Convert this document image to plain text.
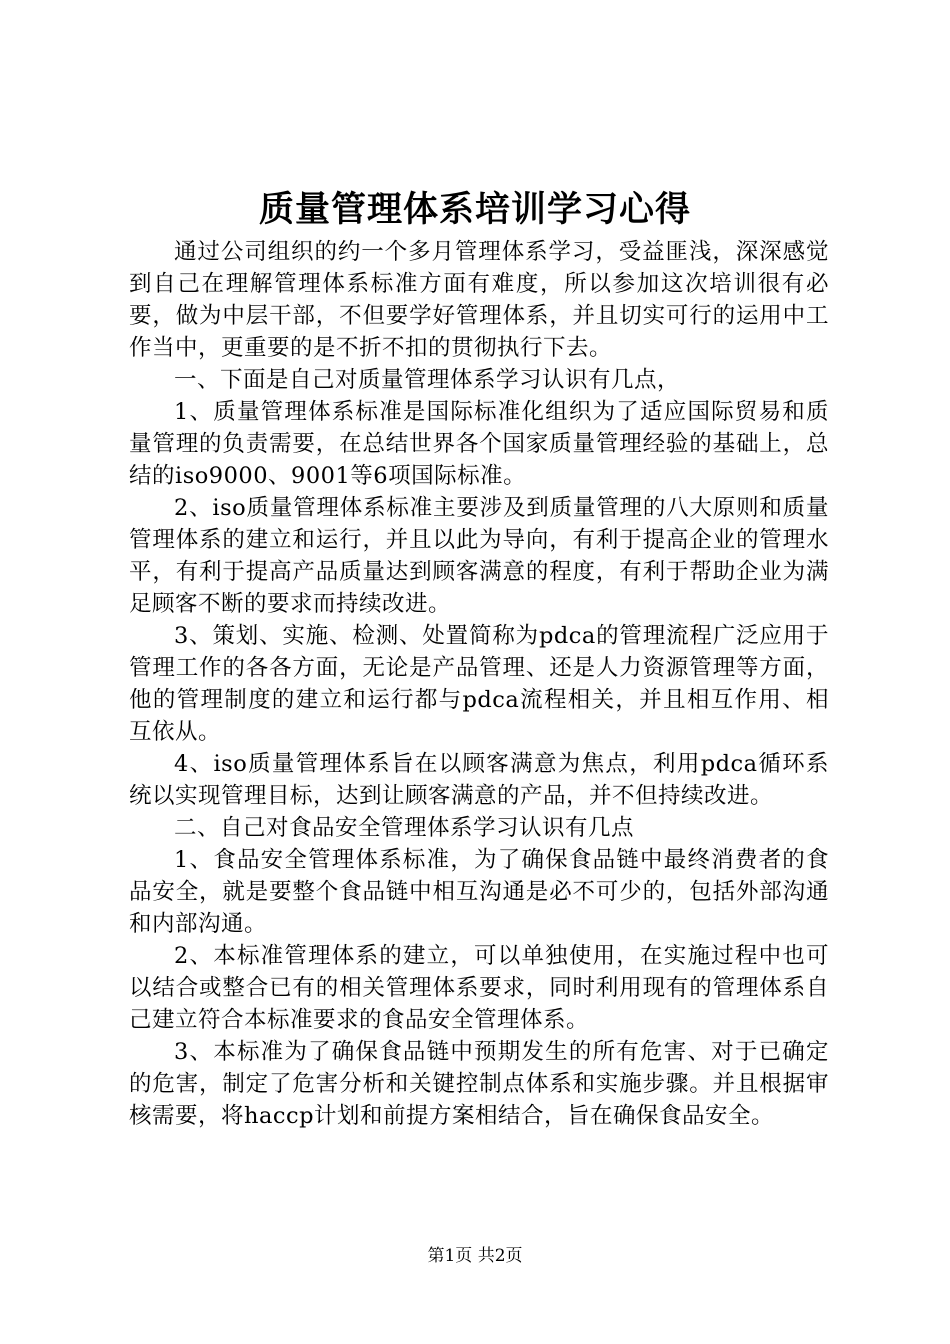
质量管理体系培训学习心得

通过公司组织的约一个多月管理体系学习，受益匪浅，深深感觉到自己在理解管理体系标准方面有难度，所以参加这次培训很有必要，做为中层干部，不但要学好管理体系，并且切实可行的运用中工作当中，更重要的是不折不扣的贯彻执行下去。

一、下面是自己对质量管理体系学习认识有几点，

1、质量管理体系标准是国际标准化组织为了适应国际贸易和质量管理的负责需要，在总结世界各个国家质量管理经验的基础上，总结的iso9000、9001等6项国际标准。

2、iso质量管理体系标准主要涉及到质量管理的八大原则和质量管理体系的建立和运行，并且以此为导向，有利于提高企业的管理水平，有利于提高产品质量达到顾客满意的程度，有利于帮助企业为满足顾客不断的要求而持续改进。

3、策划、实施、检测、处置简称为pdca的管理流程广泛应用于管理工作的各各方面，无论是产品管理、还是人力资源管理等方面，他的管理制度的建立和运行都与pdca流程相关，并且相互作用、相互依从。

4、iso质量管理体系旨在以顾客满意为焦点，利用pdca循环系统以实现管理目标，达到让顾客满意的产品，并不但持续改进。

二、自己对食品安全管理体系学习认识有几点

1、食品安全管理体系标准，为了确保食品链中最终消费者的食品安全，就是要整个食品链中相互沟通是必不可少的，包括外部沟通和内部沟通。

2、本标准管理体系的建立，可以单独使用，在实施过程中也可以结合或整合已有的相关管理体系要求，同时利用现有的管理体系自己建立符合本标准要求的食品安全管理体系。

3、本标准为了确保食品链中预期发生的所有危害、对于已确定的危害，制定了危害分析和关键控制点体系和实施步骤。并且根据审核需要，将haccp计划和前提方案相结合，旨在确保食品安全。

第1页 共2页
